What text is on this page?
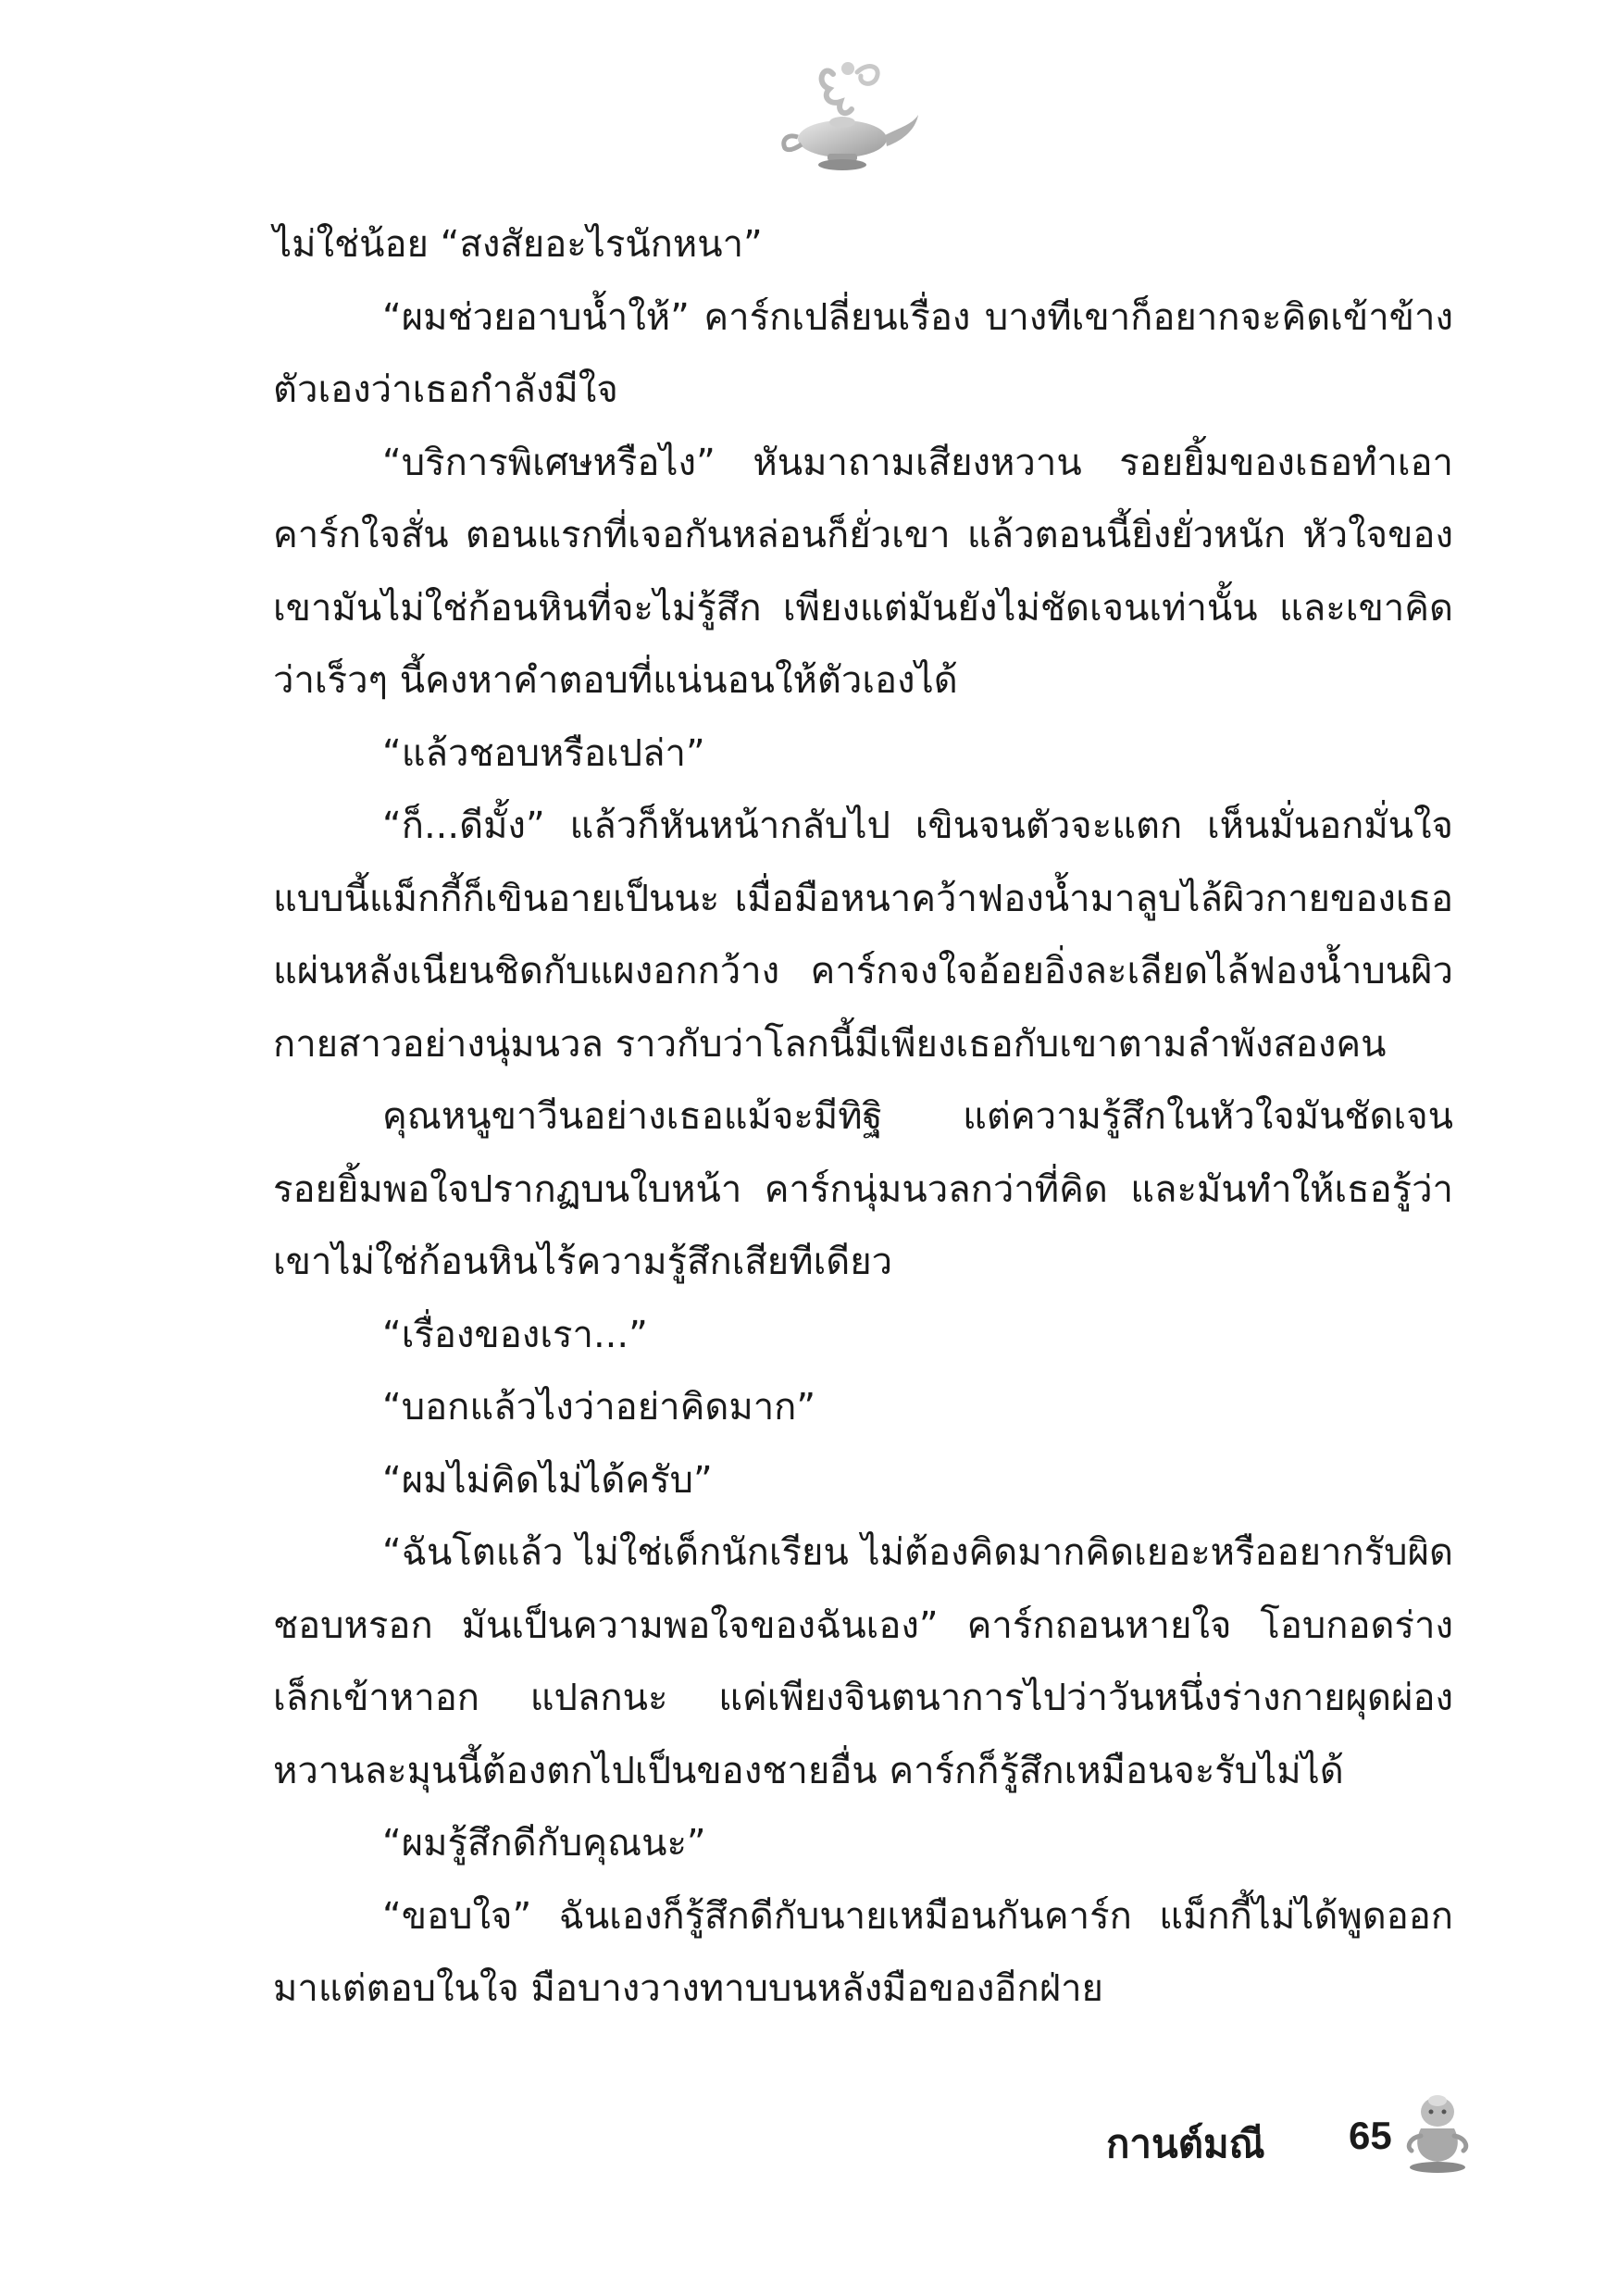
ไม่ใช่น้อย “สงสัยอะไรนักหนา”

“ผมช่วยอาบน้ำให้” คาร์กเปลี่ยนเรื่อง บางทีเขาก็อยากจะคิดเข้าข้างตัวเองว่าเธอกำลังมีใจ

“บริการพิเศษหรือไง” หันมาถามเสียงหวาน รอยยิ้มของเธอทำเอาคาร์กใจสั่น ตอนแรกที่เจอกันหล่อนก็ยั่วเขา แล้วตอนนี้ยิ่งยั่วหนัก หัวใจของเขามันไม่ใช่ก้อนหินที่จะไม่รู้สึก เพียงแต่มันยังไม่ชัดเจนเท่านั้น และเขาคิดว่าเร็วๆ นี้คงหาคำตอบที่แน่นอนให้ตัวเองได้

“แล้วชอบหรือเปล่า”

“ก็...ดีมั้ง” แล้วก็หันหน้ากลับไป เขินจนตัวจะแตก เห็นมั่นอกมั่นใจแบบนี้แม็กกี้ก็เขินอายเป็นนะ เมื่อมือหนาคว้าฟองน้ำมาลูบไล้ผิวกายของเธอ แผ่นหลังเนียนชิดกับแผงอกกว้าง คาร์กจงใจอ้อยอิ่งละเลียดไล้ฟองน้ำบนผิวกายสาวอย่างนุ่มนวล ราวกับว่าโลกนี้มีเพียงเธอกับเขาตามลำพังสองคน

คุณหนูขาวีนอย่างเธอแม้จะมีทิฐิ แต่ความรู้สึกในหัวใจมันชัดเจน รอยยิ้มพอใจปรากฏบนใบหน้า คาร์กนุ่มนวลกว่าที่คิด และมันทำให้เธอรู้ว่าเขาไม่ใช่ก้อนหินไร้ความรู้สึกเสียทีเดียว

“เรื่องของเรา...”

“บอกแล้วไงว่าอย่าคิดมาก”

“ผมไม่คิดไม่ได้ครับ”

“ฉันโตแล้ว ไม่ใช่เด็กนักเรียน ไม่ต้องคิดมากคิดเยอะหรืออยากรับผิดชอบหรอก มันเป็นความพอใจของฉันเอง” คาร์กถอนหายใจ โอบกอดร่างเล็กเข้าหาอก แปลกนะ แค่เพียงจินตนาการไปว่าวันหนึ่งร่างกายผุดผ่องหวานละมุนนี้ต้องตกไปเป็นของชายอื่น คาร์กก็รู้สึกเหมือนจะรับไม่ได้

“ผมรู้สึกดีกับคุณนะ”

“ขอบใจ” ฉันเองก็รู้สึกดีกับนายเหมือนกันคาร์ก แม็กกี้ไม่ได้พูดออกมาแต่ตอบในใจ มือบางวางทาบบนหลังมือของอีกฝ่าย

กานต์มณี 65
